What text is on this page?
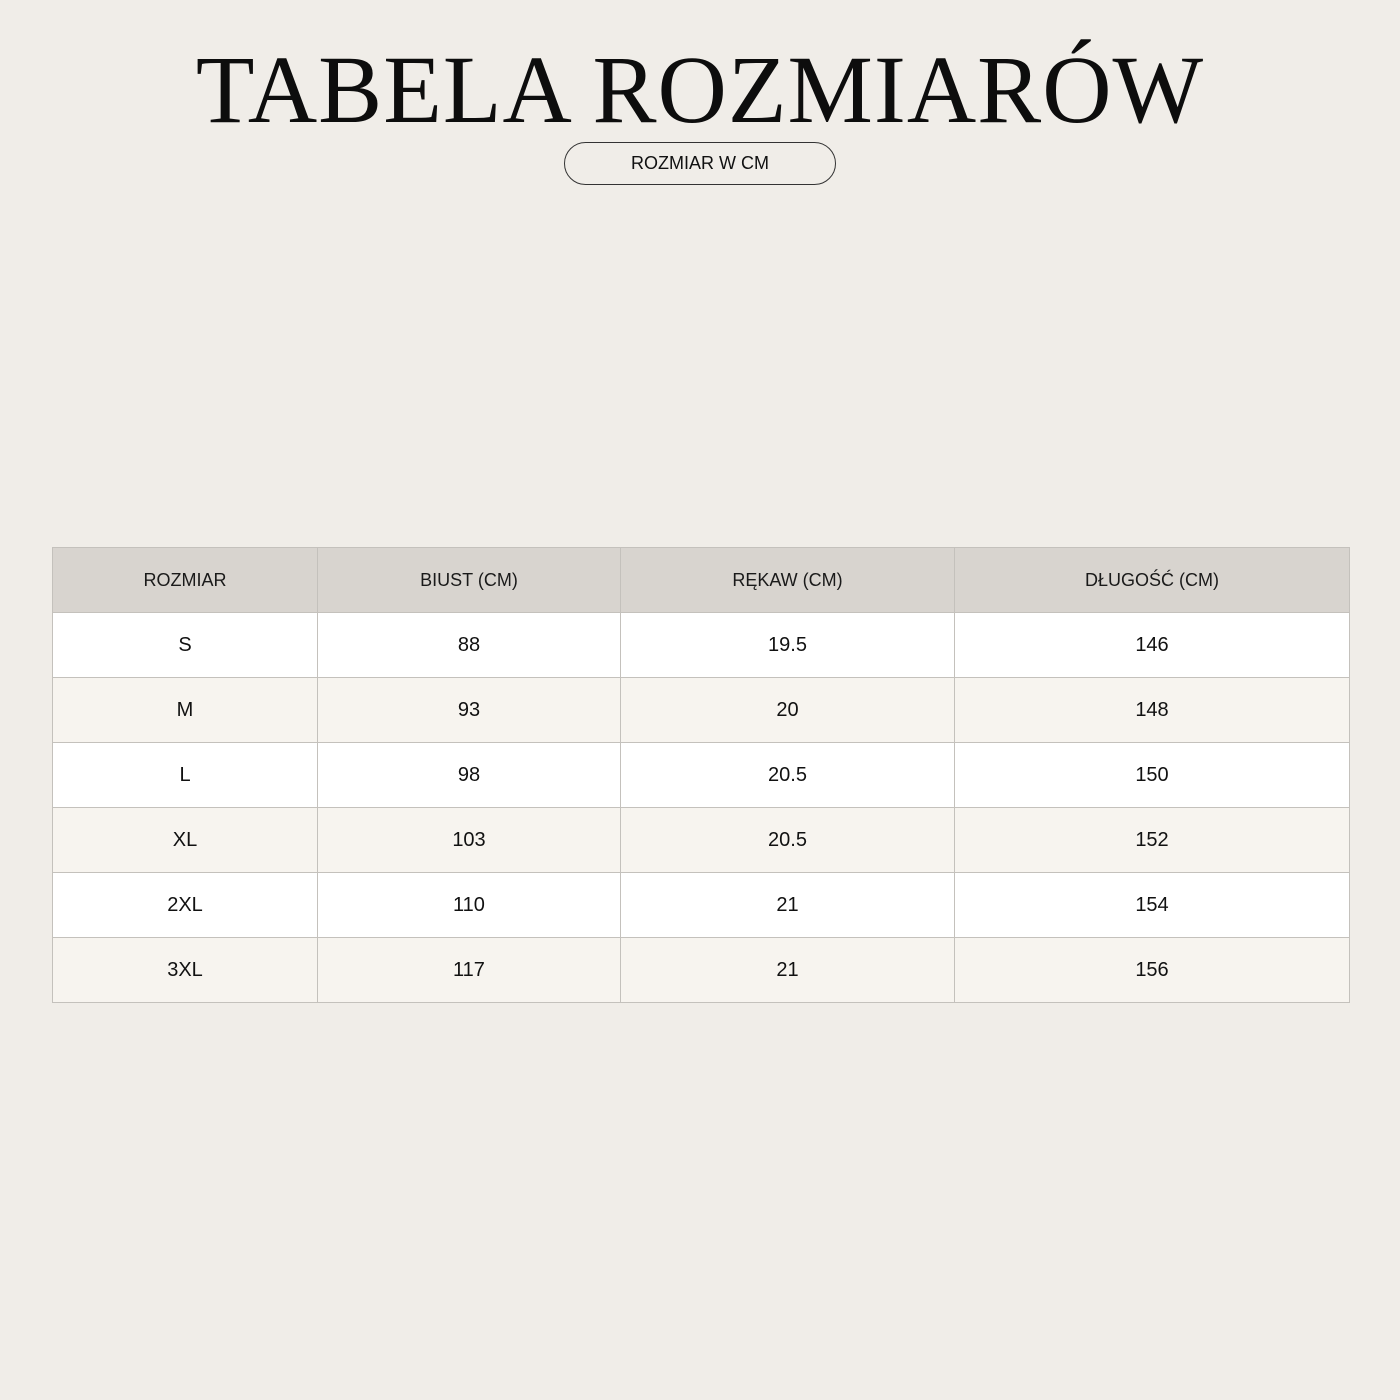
TABELA ROZMIARÓW
ROZMIAR W CM
ROZMIAR	BIUST (CM)	RĘKAW (CM)	DŁUGOŚĆ (CM)
S	88	19.5	146
M	93	20	148
L	98	20.5	150
XL	103	20.5	152
2XL	110	21	154
3XL	117	21	156
